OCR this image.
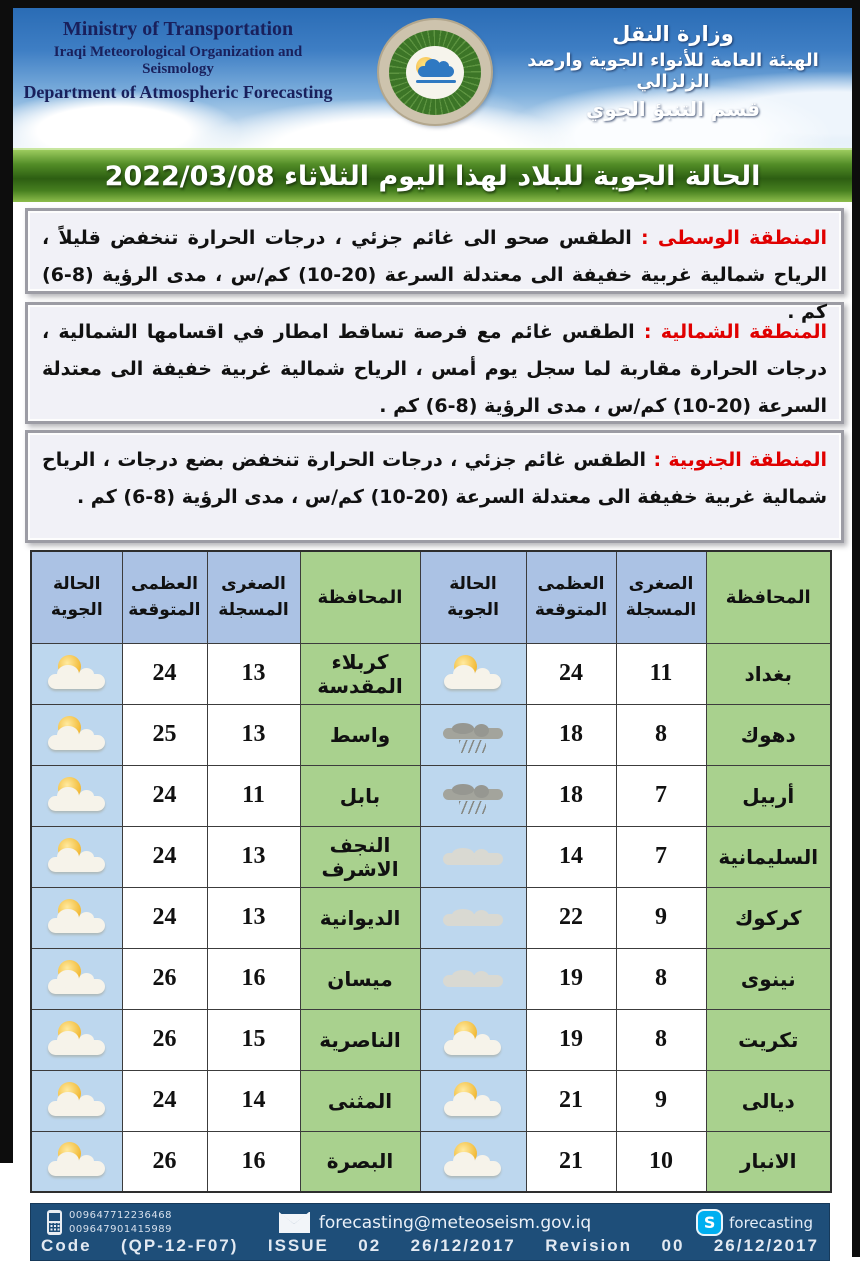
Ministry of Transportation
Iraqi Meteorological Organization and Seismology
Department of Atmospheric Forecasting
وزارة النقل
الهيئة العامة للأنواء الجوية وارصد الزلزالي
قسم التنبؤ الجوي
الحالة الجوية للبلاد لهذا اليوم الثلاثاء 2022/03/08

المنطقة الوسطى : الطقس صحو الى غائم جزئي ، درجات الحرارة تنخفض قليلاً ، الرياح شمالية غربية خفيفة الى معتدلة السرعة (20-10) كم/س ، مدى الرؤية (8-6) كم .

المنطقة الشمالية : الطقس غائم مع فرصة تساقط امطار في اقسامها الشمالية ، درجات الحرارة مقاربة لما سجل يوم أمس ، الرياح شمالية غربية خفيفة الى معتدلة السرعة (20-10) كم/س ، مدى الرؤية (8-6) كم .

المنطقة الجنوبية : الطقس غائم جزئي ، درجات الحرارة تنخفض بضع درجات ، الرياح شمالية غربية خفيفة الى معتدلة السرعة (20-10) كم/س ، مدى الرؤية (8-6) كم .

المحافظة	الصغرى المسجلة	العظمى المتوقعة	الحالة الجوية	المحافظة	الصغرى المسجلة	العظمى المتوقعة	الحالة الجوية
بغداد	11	24		كربلاء المقدسة	13	24	

دهوك	8	18		واسط	13	25	

أربيل	7	18		بابل	11	24	

السليمانية	7	14		النجف الاشرف	13	24	

كركوك	9	22		الديوانية	13	24	

نينوى	8	19		ميسان	16	26	

تكريت	8	19		الناصرية	15	26	

ديالى	9	21		المثنى	14	24	

الانبار	10	21		البصرة	16	26	
009647712236468
009647901415989	forecasting@meteoseism.gov.iq	S forecasting
Code  (QP-12-F07)  ISSUE  02  26/12/2017  Revision  00  26/12/2017
